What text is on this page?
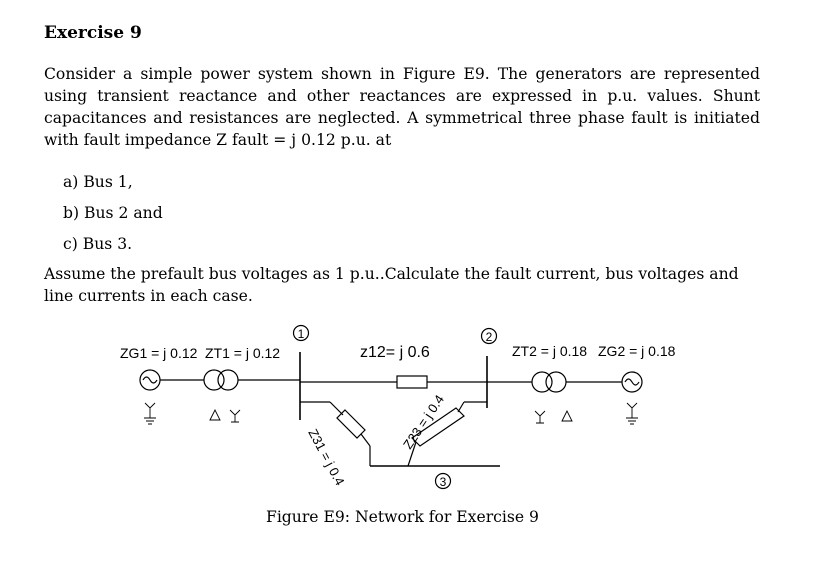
Exercise 9
Consider a simple power system shown in Figure E9. The generators are represented using transient reactance and other reactances are expressed in p.u. values. Shunt capacitances and resistances are neglected. A symmetrical three phase fault is initiated with fault impedance Z fault = j 0.12 p.u. at
a) Bus 1,
b) Bus 2 and
c) Bus 3.
Assume the prefault bus voltages as 1 p.u..Calculate the fault current, bus voltages and line currents in each case.
ZG1 = j 0.12 ZT1 = j 0.12	z12= j 0.6	ZT2 = j 0.18 ZG2 = j 0.18
Z31 = j 0.4
Z23 = j 0.4
1	2
3
Figure E9: Network for Exercise 9
